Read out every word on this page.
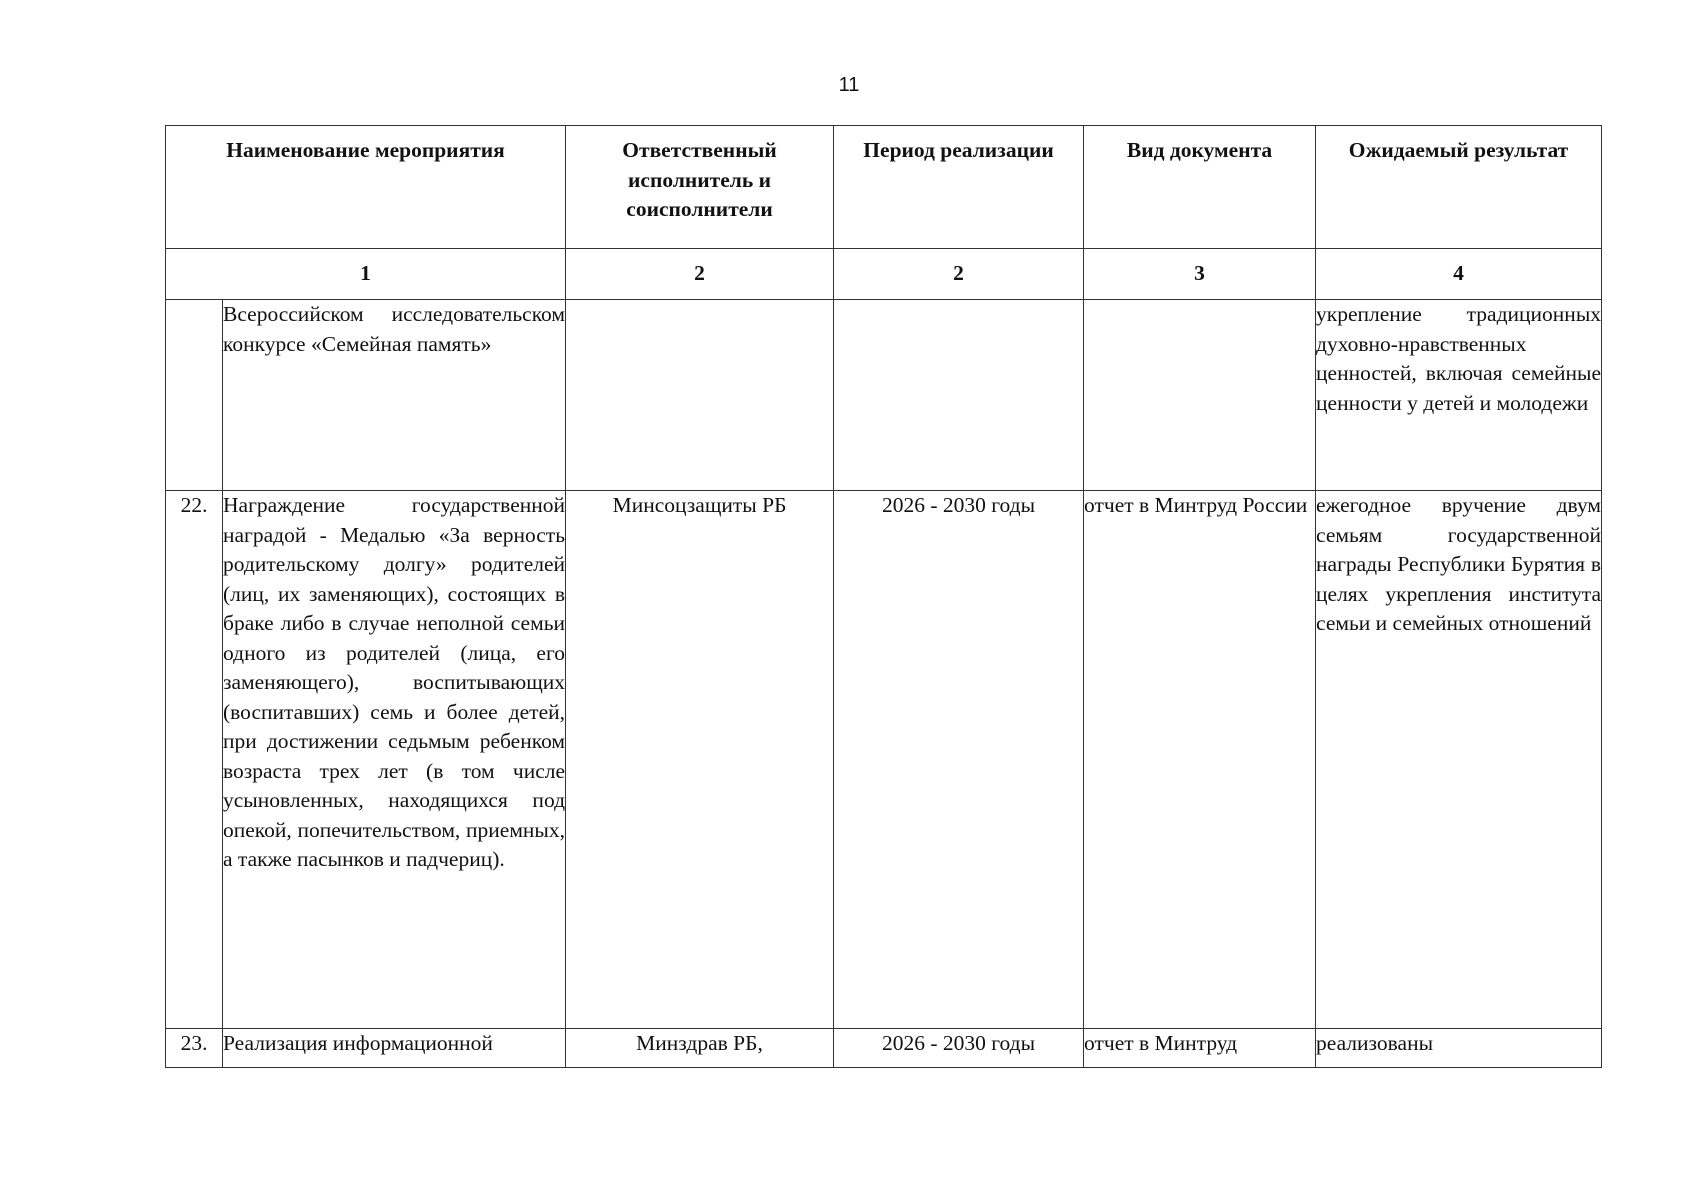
11
Наименование мероприятия		Ответственный исполнитель и соисполнители	Период реализации	Вид документа	Ожидаемый результат
1		2	2	3	4
	Всероссийском исследовательском конкурсе «Семейная память»				укрепление традиционных духовно-нравственных ценностей, включая семейные ценности у детей и молодежи
22.	Награждение государственной наградой - Медалью «За верность родительскому долгу» родителей (лиц, их заменяющих), состоящих в браке либо в случае неполной семьи одного из родителей (лица, его заменяющего), воспитывающих (воспитавших) семь и более детей, при достижении седьмым ребенком возраста трех лет (в том числе усыновленных, находящихся под опекой, попечительством, приемных, а также пасынков и падчериц).	Минсоцзащиты РБ	2026 - 2030 годы	отчет в Минтруд России	ежегодное вручение двум семьям государственной награды Республики Бурятия в целях укрепления института семьи и семейных отношений
23.	Реализация информационной	Минздрав РБ,	2026 - 2030 годы	отчет в Минтруд	реализованы
